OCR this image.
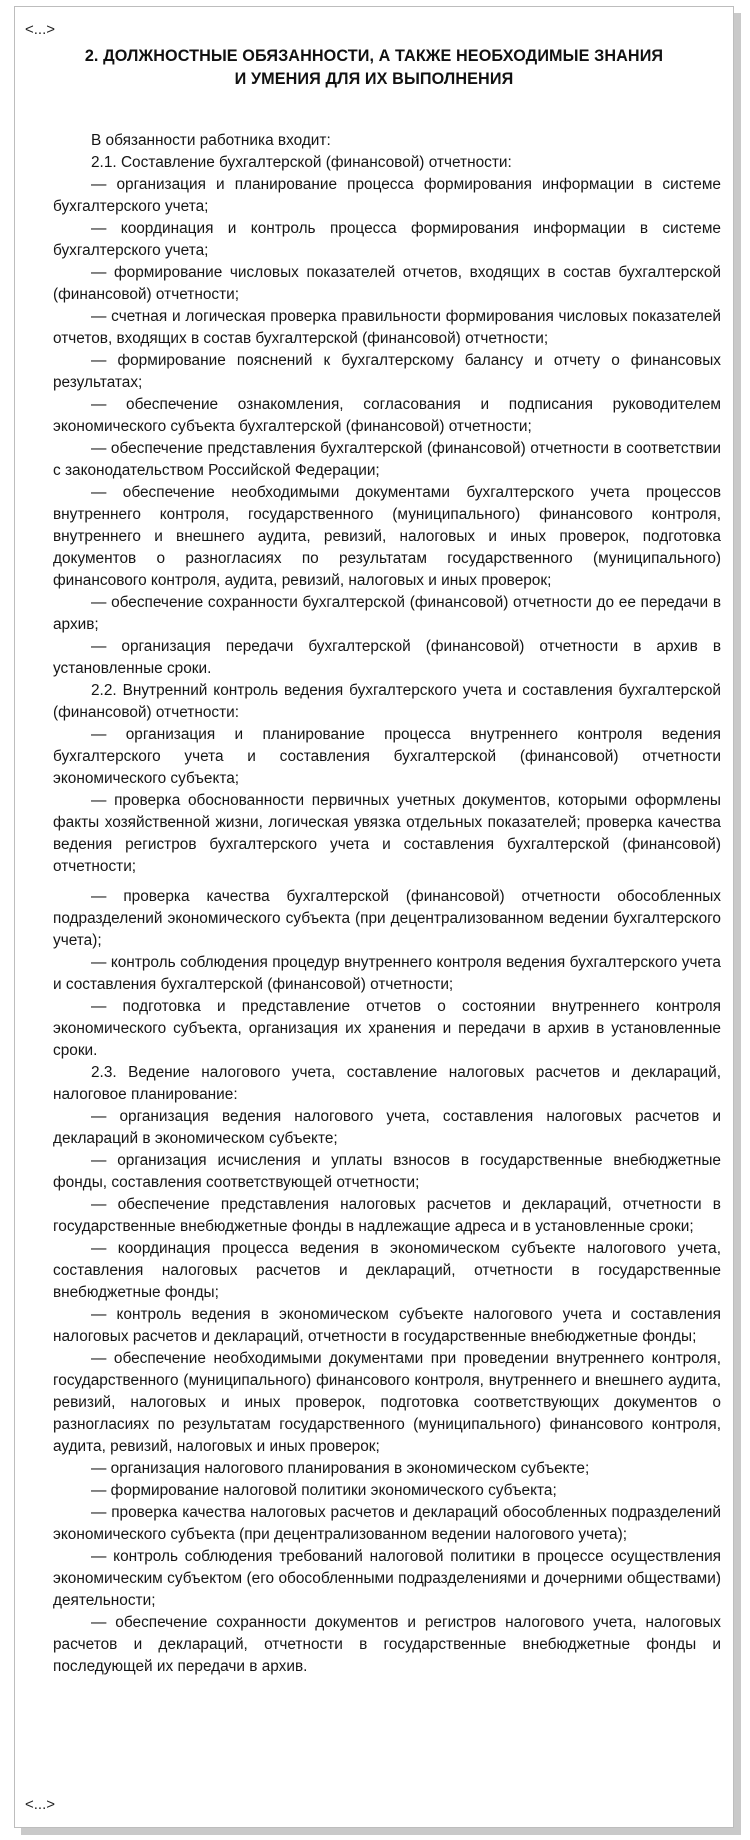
<...>
2. ДОЛЖНОСТНЫЕ ОБЯЗАННОСТИ, А ТАКЖЕ НЕОБХОДИМЫЕ ЗНАНИЯ
И УМЕНИЯ ДЛЯ ИХ ВЫПОЛНЕНИЯ

В обязанности работника входит:

2.1. Составление бухгалтерской (финансовой) отчетности:

— организация и планирование процесса формирования информации в системе бухгалтерского учета;

— координация и контроль процесса формирования информации в системе бухгалтерского учета;

— формирование числовых показателей отчетов, входящих в состав бухгалтерской (финансовой) отчетности;

— счетная и логическая проверка правильности формирования числовых показателей отчетов, входящих в состав бухгалтерской (финансовой) отчетности;

— формирование пояснений к бухгалтерскому балансу и отчету о финансовых результатах;

— обеспечение ознакомления, согласования и подписания руководителем экономического субъекта бухгалтерской (финансовой) отчетности;

— обеспечение представления бухгалтерской (финансовой) отчетности в соответствии с законодательством Российской Федерации;

— обеспечение необходимыми документами бухгалтерского учета процессов внутреннего контроля, государственного (муниципального) финансового контроля, внутреннего и внешнего аудита, ревизий, налоговых и иных проверок, подготовка документов о разногласиях по результатам государственного (муниципального) финансового контроля, аудита, ревизий, налоговых и иных проверок;

— обеспечение сохранности бухгалтерской (финансовой) отчетности до ее передачи в архив;

— организация передачи бухгалтерской (финансовой) отчетности в архив в установленные сроки.

2.2. Внутренний контроль ведения бухгалтерского учета и составления бухгалтерской (финансовой) отчетности:

— организация и планирование процесса внутреннего контроля ведения бухгалтерского учета и составления бухгалтерской (финансовой) отчетности экономического субъекта;

— проверка обоснованности первичных учетных документов, которыми оформлены факты хозяйственной жизни, логическая увязка отдельных показателей; проверка качества ведения регистров бухгалтерского учета и составления бухгалтерской (финансовой) отчетности;

— проверка качества бухгалтерской (финансовой) отчетности обособленных подразделений экономического субъекта (при децентрализованном ведении бухгалтерского учета);

— контроль соблюдения процедур внутреннего контроля ведения бухгалтерского учета и составления бухгалтерской (финансовой) отчетности;

— подготовка и представление отчетов о состоянии внутреннего контроля экономического субъекта, организация их хранения и передачи в архив в установленные сроки.

2.3. Ведение налогового учета, составление налоговых расчетов и деклараций, налоговое планирование:

— организация ведения налогового учета, составления налоговых расчетов и деклараций в экономическом субъекте;

— организация исчисления и уплаты взносов в государственные внебюджетные фонды, составления соответствующей отчетности;

— обеспечение представления налоговых расчетов и деклараций, отчетности в государственные внебюджетные фонды в надлежащие адреса и в установленные сроки;

— координация процесса ведения в экономическом субъекте налогового учета, составления налоговых расчетов и деклараций, отчетности в государственные внебюджетные фонды;

— контроль ведения в экономическом субъекте налогового учета и составления налоговых расчетов и деклараций, отчетности в государственные внебюджетные фонды;

— обеспечение необходимыми документами при проведении внутреннего контроля, государственного (муниципального) финансового контроля, внутреннего и внешнего аудита, ревизий, налоговых и иных проверок, подготовка соответствующих документов о разногласиях по результатам государственного (муниципального) финансового контроля, аудита, ревизий, налоговых и иных проверок;

— организация налогового планирования в экономическом субъекте;

— формирование налоговой политики экономического субъекта;

— проверка качества налоговых расчетов и деклараций обособленных подразделений экономического субъекта (при децентрализованном ведении налогового учета);

— контроль соблюдения требований налоговой политики в процессе осуществления экономическим субъектом (его обособленными подразделениями и дочерними обществами) деятельности;

— обеспечение сохранности документов и регистров налогового учета, налоговых расчетов и деклараций, отчетности в государственные внебюджетные фонды и последующей их передачи в архив.

<...>
